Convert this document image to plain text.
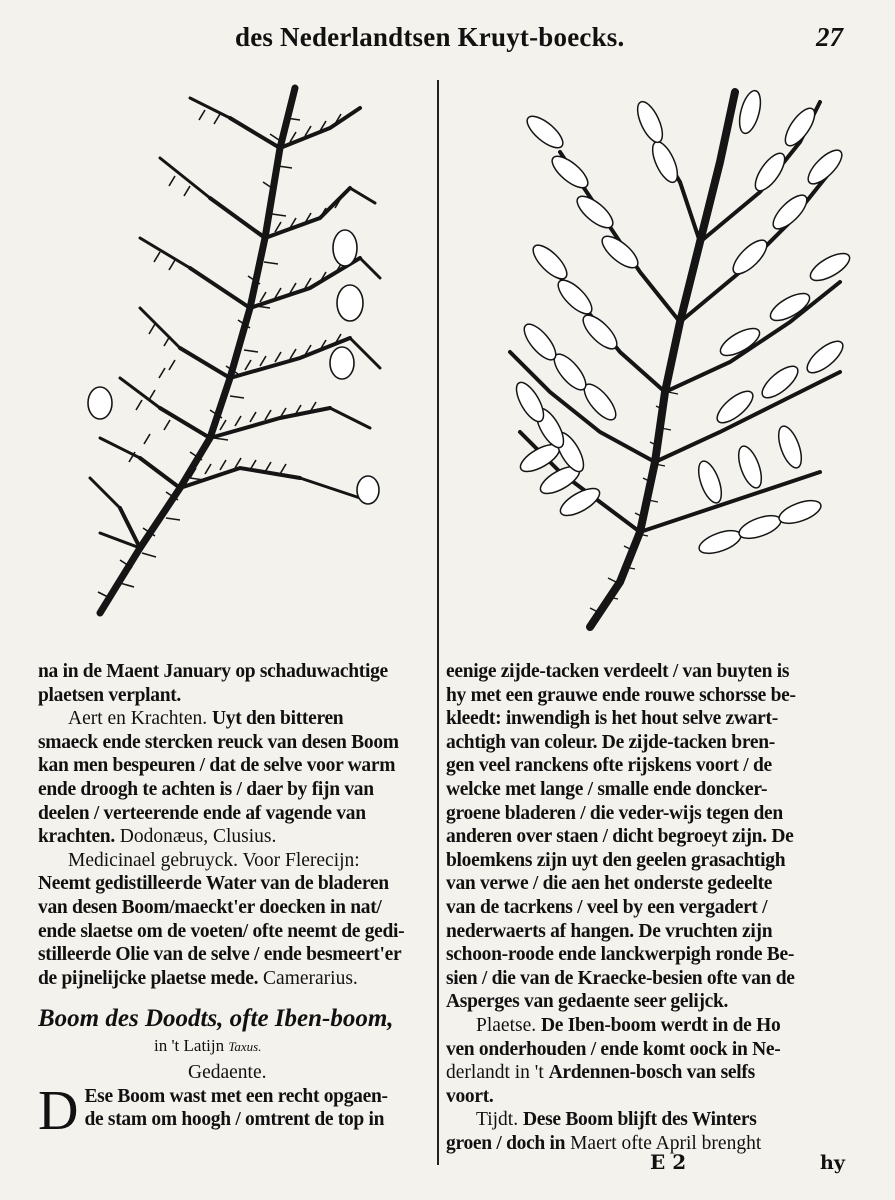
des Nederlandtsen Kruyt-boecks.	27
na in de Maent January op schaduwachtige
plaetsen verplant.
Aert en Krachten. Uyt den bitteren
smaeck ende stercken reuck van desen Boom
kan men bespeuren / dat de selve voor warm
ende droogh te achten is / daer by fijn van
deelen / verteerende ende af vagende van
krachten. Dodonæus, Clusius.
Medicinael gebruyck. Voor Flerecijn:
Neemt gedistilleerde Water van de bladeren
van desen Boom/maeckt'er doecken in nat/
ende slaetse om de voeten/ ofte neemt de gedi-
stilleerde Olie van de selve / ende besmeert'er
de pijnelijcke plaetse mede. Camerarius.
Boom des Doodts, ofte Iben-boom,
in 't Latijn Taxus.
Gedaente.
D Ese Boom wast met een recht opgaen-
de stam om hoogh / omtrent de top in
eenige zijde-tacken verdeelt / van buyten is
hy met een grauwe ende rouwe schorsse be-
kleedt: inwendigh is het hout selve zwart-
achtigh van coleur. De zijde-tacken bren-
gen veel ranckens ofte rijskens voort / de
welcke met lange / smalle ende doncker-
groene bladeren / die veder-wijs tegen den
anderen over staen / dicht begroeyt zijn. De
bloemkens zijn uyt den geelen grasachtigh
van verwe / die aen het onderste gedeelte
van de tacrkens / veel by een vergadert /
nederwaerts af hangen. De vruchten zijn
schoon-roode ende lanckwerpigh ronde Be-
sien / die van de Kraecke-besien ofte van de
Asperges van gedaente seer gelijck.
Plaetse. De Iben-boom werdt in de Ho
ven onderhouden / ende komt oock in Ne-
derlandt in 't Ardennen-bosch van selfs
voort.
Tijdt. Dese Boom blijft des Winters
groen / doch in Maert ofte April brenght
E 2	hy
